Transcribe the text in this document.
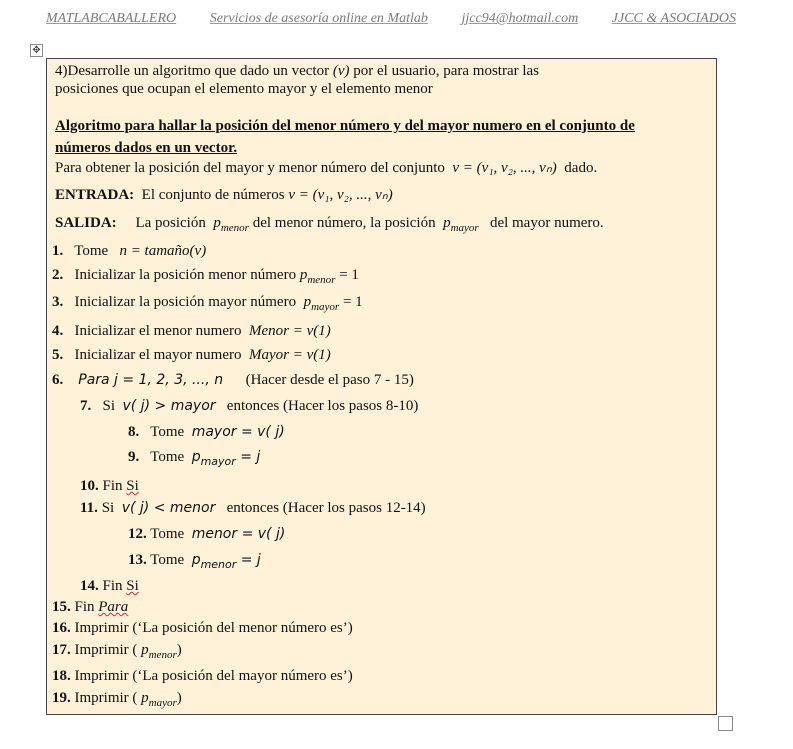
MATLABCABALLERO Servicios de asesoría online en Matlab jjcc94@hotmail.com JJCC & ASOCIADOS
✥
4)Desarrolle un algoritmo que dado un vector (v) por el usuario, para mostrar las
posiciones que ocupan el elemento mayor y el elemento menor
Algoritmo para hallar la posición del menor número y del mayor numero en el conjunto de
números dados en un vector.
Para obtener la posición del mayor y menor número del conjunto v = (v₁, v₂, ..., vₙ) dado.
ENTRADA: El conjunto de números v = (v₁, v₂, ..., vₙ)
SALIDA: La posición $p_{menor}$ del menor número, la posición $p_{mayor}$ del mayor numero.
1. Tome n = tamaño(v)
2. Inicializar la posición menor número $p_{menor} = 1$
3. Inicializar la posición mayor número $p_{mayor} = 1$
4. Inicializar el menor numero Menor = v(1)
5. Inicializar el mayor numero Mayor = v(1)
6. Para j = 1, 2, 3, ..., n (Hacer desde el paso 7 - 15)
7. Si v( j) > mayor entonces (Hacer los pasos 8-10)
8. Tome mayor = v( j)
9. Tome $p_{mayor} = j$
10. Fin Si
11. Si v( j) < menor entonces (Hacer los pasos 12-14)
12. Tome menor = v( j)
13. Tome $p_{menor} = j$
14. Fin Si
15. Fin Para
16. Imprimir (‘La posición del menor número es’)
17. Imprimir ( $p_{menor}$)
18. Imprimir (‘La posición del mayor número es’)
19. Imprimir ( $p_{mayor}$)
